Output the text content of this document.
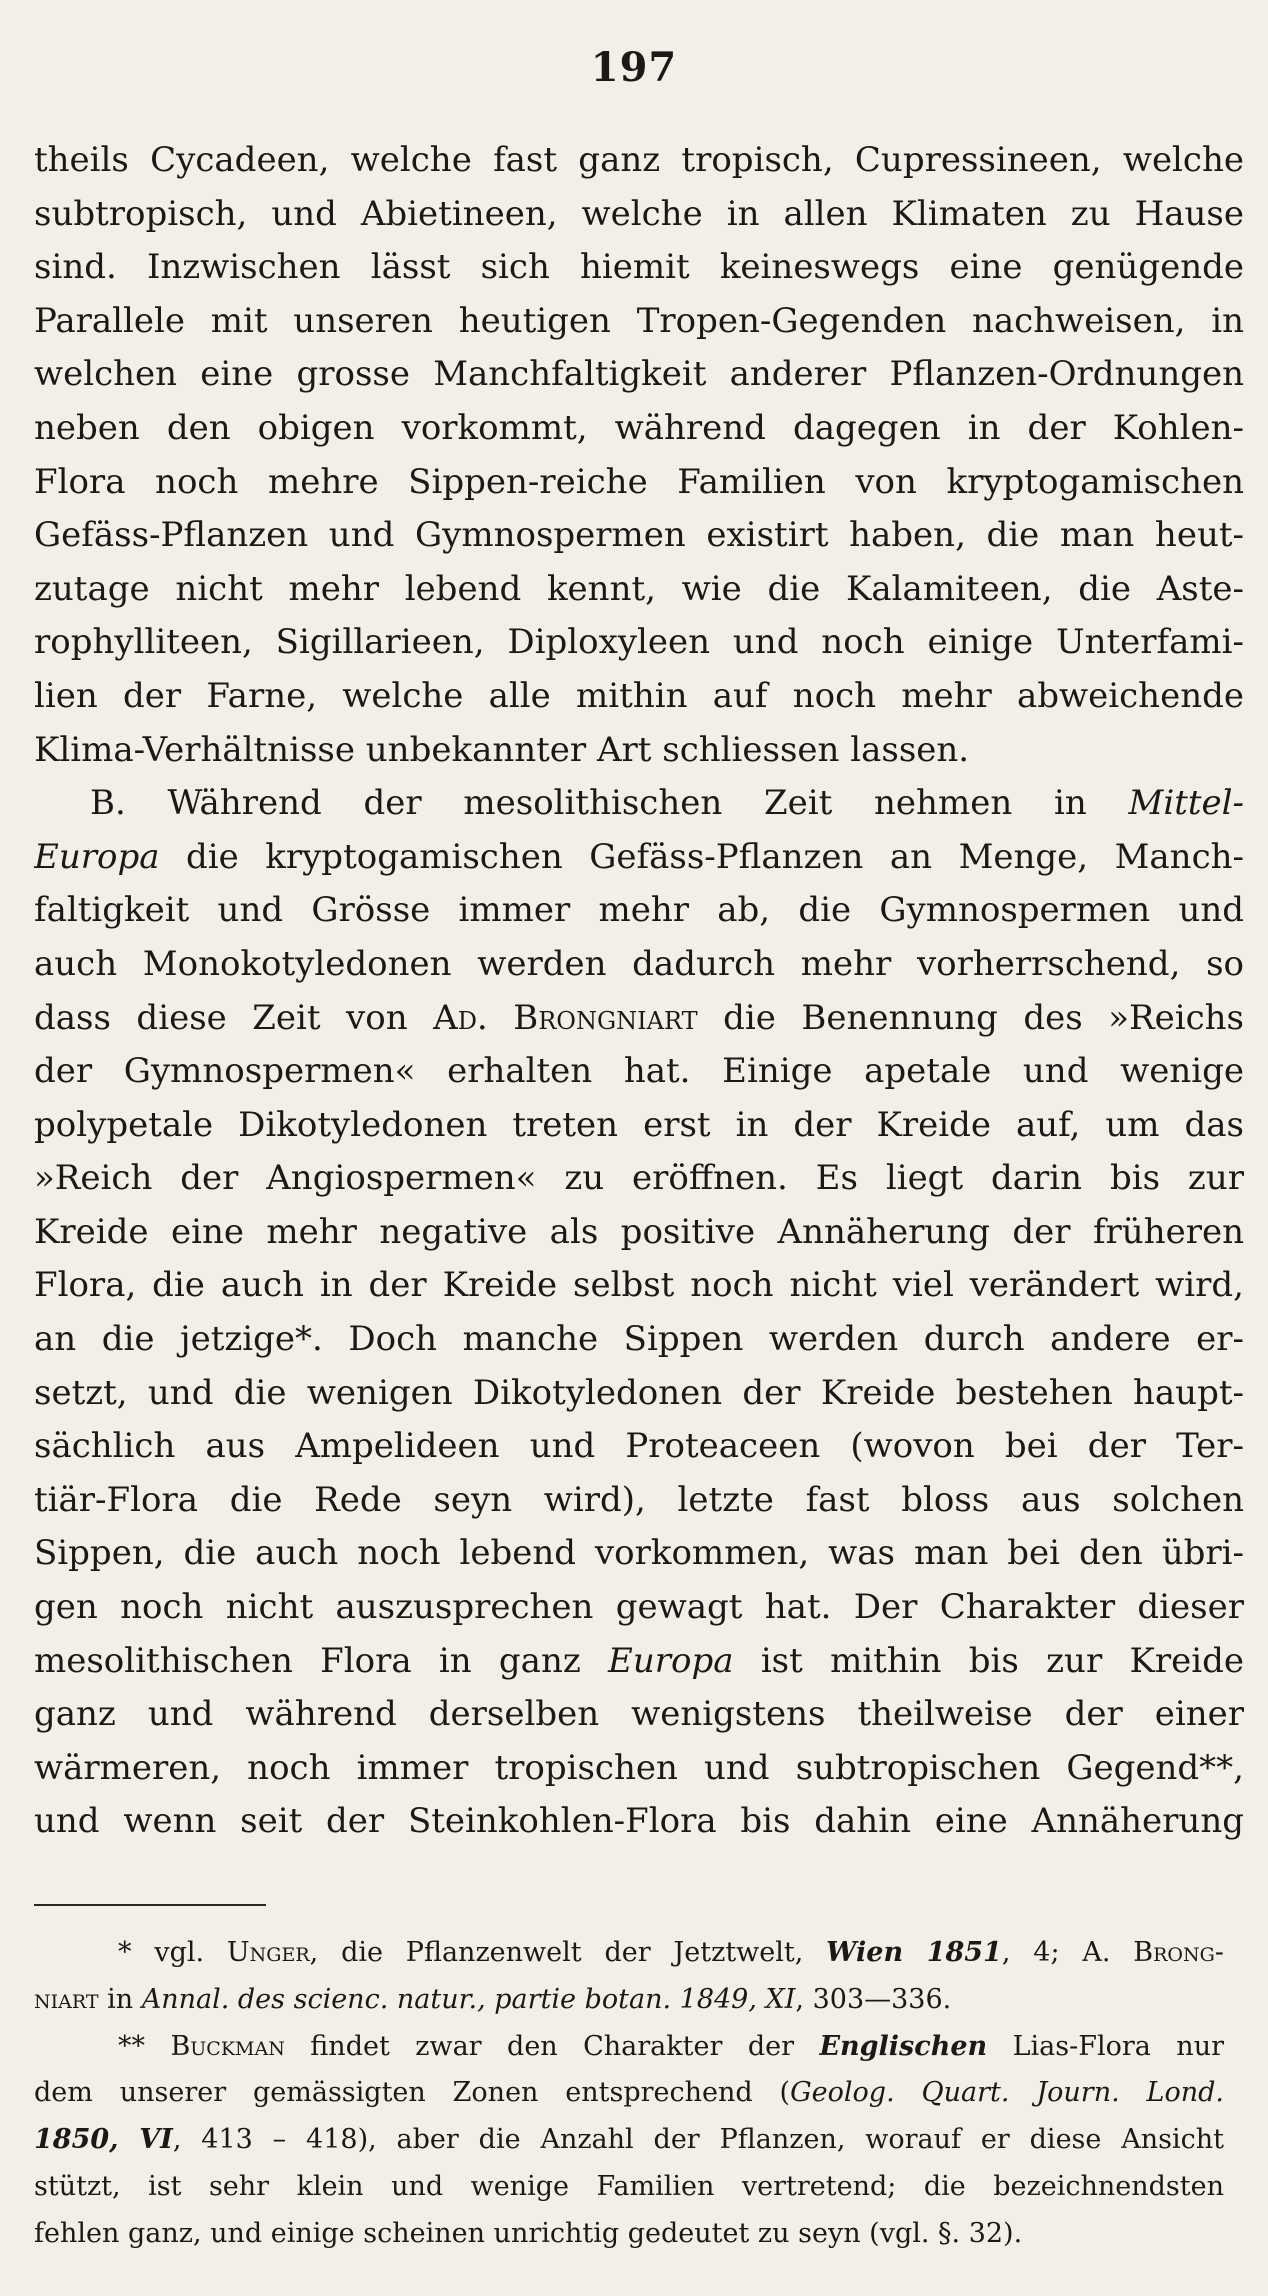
197
theils Cycadeen, welche fast ganz tropisch, Cupressineen, welche
subtropisch, und Abietineen, welche in allen Klimaten zu Hause
sind. Inzwischen lässt sich hiemit keineswegs eine genügende
Parallele mit unseren heutigen Tropen-Gegenden nachweisen, in
welchen eine grosse Manchfaltigkeit anderer Pflanzen-Ordnungen
neben den obigen vorkommt, während dagegen in der Kohlen-
Flora noch mehre Sippen-reiche Familien von kryptogamischen
Gefäss-Pflanzen und Gymnospermen existirt haben, die man heut-
zutage nicht mehr lebend kennt, wie die Kalamiteen, die Aste-
rophylliteen, Sigillarieen, Diploxyleen und noch einige Unterfami-
lien der Farne, welche alle mithin auf noch mehr abweichende
Klima-Verhältnisse unbekannter Art schliessen lassen.
B. Während der mesolithischen Zeit nehmen in Mittel-
Europa die kryptogamischen Gefäss-Pflanzen an Menge, Manch-
faltigkeit und Grösse immer mehr ab, die Gymnospermen und
auch Monokotyledonen werden dadurch mehr vorherrschend, so
dass diese Zeit von Ad. Brongniart die Benennung des »Reichs
der Gymnospermen« erhalten hat. Einige apetale und wenige
polypetale Dikotyledonen treten erst in der Kreide auf, um das
»Reich der Angiospermen« zu eröffnen. Es liegt darin bis zur
Kreide eine mehr negative als positive Annäherung der früheren
Flora, die auch in der Kreide selbst noch nicht viel verändert wird,
an die jetzige*. Doch manche Sippen werden durch andere er-
setzt, und die wenigen Dikotyledonen der Kreide bestehen haupt-
sächlich aus Ampelideen und Proteaceen (wovon bei der Ter-
tiär-Flora die Rede seyn wird), letzte fast bloss aus solchen
Sippen, die auch noch lebend vorkommen, was man bei den übri-
gen noch nicht auszusprechen gewagt hat. Der Charakter dieser
mesolithischen Flora in ganz Europa ist mithin bis zur Kreide
ganz und während derselben wenigstens theilweise der einer
wärmeren, noch immer tropischen und subtropischen Gegend**,
und wenn seit der Steinkohlen-Flora bis dahin eine Annäherung
* vgl. Unger, die Pflanzenwelt der Jetztwelt, Wien 1851, 4; A. Brong-
niart in Annal. des scienc. natur., partie botan. 1849, XI, 303—336.
** Buckman findet zwar den Charakter der Englischen Lias-Flora nur
dem unserer gemässigten Zonen entsprechend (Geolog. Quart. Journ. Lond.
1850, VI, 413 – 418), aber die Anzahl der Pflanzen, worauf er diese Ansicht
stützt, ist sehr klein und wenige Familien vertretend; die bezeichnendsten
fehlen ganz, und einige scheinen unrichtig gedeutet zu seyn (vgl. §. 32).
